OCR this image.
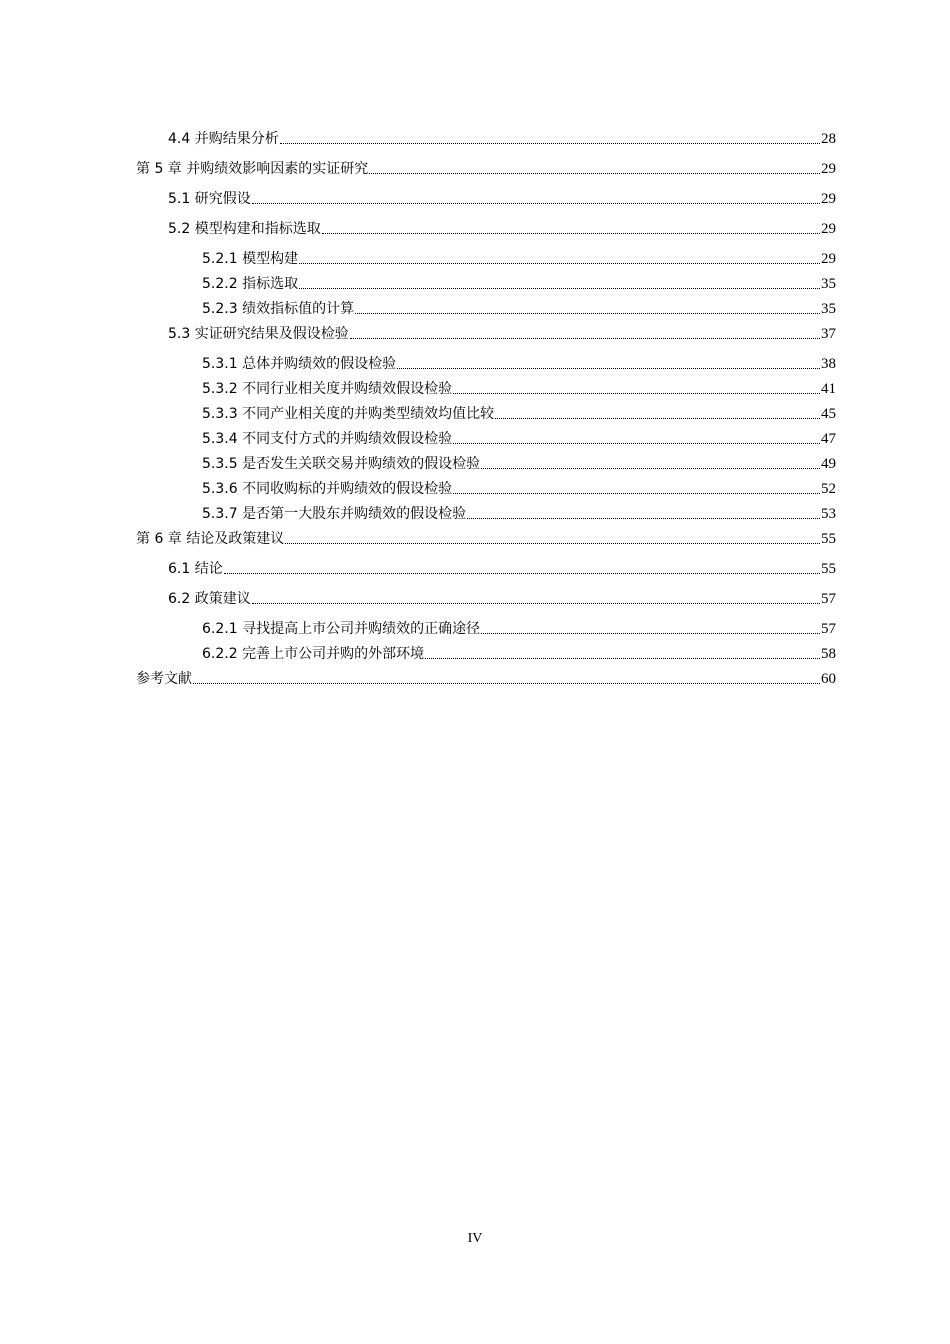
4.4 并购结果分析	28
第 5 章 并购绩效影响因素的实证研究	29
5.1 研究假设	29
5.2 模型构建和指标选取	29
5.2.1 模型构建	29
5.2.2 指标选取	35
5.2.3 绩效指标值的计算	35
5.3 实证研究结果及假设检验	37
5.3.1 总体并购绩效的假设检验	38
5.3.2 不同行业相关度并购绩效假设检验	41
5.3.3 不同产业相关度的并购类型绩效均值比较	45
5.3.4 不同支付方式的并购绩效假设检验	47
5.3.5 是否发生关联交易并购绩效的假设检验	49
5.3.6 不同收购标的并购绩效的假设检验	52
5.3.7 是否第一大股东并购绩效的假设检验	53
第 6 章 结论及政策建议	55
6.1 结论	55
6.2 政策建议	57
6.2.1 寻找提高上市公司并购绩效的正确途径	57
6.2.2 完善上市公司并购的外部环境	58
参考文献	60
IV
